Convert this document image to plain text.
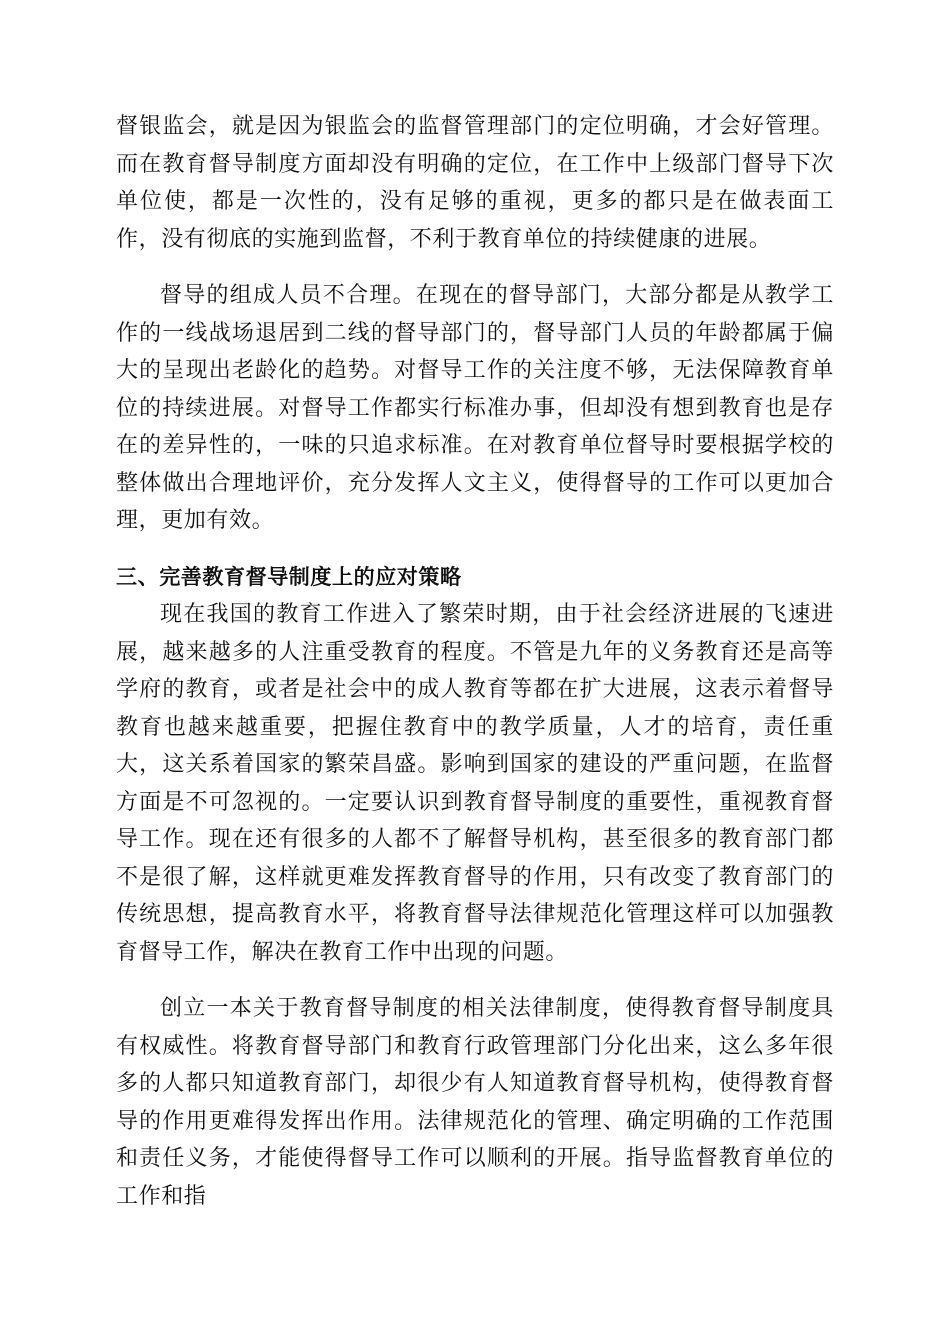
督银监会，就是因为银监会的监督管理部门的定位明确，才会好管理。而在教育督导制度方面却没有明确的定位，在工作中上级部门督导下次单位使，都是一次性的，没有足够的重视，更多的都只是在做表面工作，没有彻底的实施到监督，不利于教育单位的持续健康的进展。

督导的组成人员不合理。在现在的督导部门，大部分都是从教学工作的一线战场退居到二线的督导部门的，督导部门人员的年龄都属于偏大的呈现出老龄化的趋势。对督导工作的关注度不够，无法保障教育单位的持续进展。对督导工作都实行标准办事，但却没有想到教育也是存在的差异性的，一味的只追求标准。在对教育单位督导时要根据学校的整体做出合理地评价，充分发挥人文主义，使得督导的工作可以更加合理，更加有效。

三、完善教育督导制度上的应对策略

现在我国的教育工作进入了繁荣时期，由于社会经济进展的飞速进展，越来越多的人注重受教育的程度。不管是九年的义务教育还是高等学府的教育，或者是社会中的成人教育等都在扩大进展，这表示着督导教育也越来越重要，把握住教育中的教学质量，人才的培育，责任重大，这关系着国家的繁荣昌盛。影响到国家的建设的严重问题，在监督方面是不可忽视的。一定要认识到教育督导制度的重要性，重视教育督导工作。现在还有很多的人都不了解督导机构，甚至很多的教育部门都不是很了解，这样就更难发挥教育督导的作用，只有改变了教育部门的传统思想，提高教育水平，将教育督导法律规范化管理这样可以加强教育督导工作，解决在教育工作中出现的问题。

创立一本关于教育督导制度的相关法律制度，使得教育督导制度具有权威性。将教育督导部门和教育行政管理部门分化出来，这么多年很多的人都只知道教育部门，却很少有人知道教育督导机构，使得教育督导的作用更难得发挥出作用。法律规范化的管理、确定明确的工作范围和责任义务，才能使得督导工作可以顺利的开展。指导监督教育单位的工作和指
